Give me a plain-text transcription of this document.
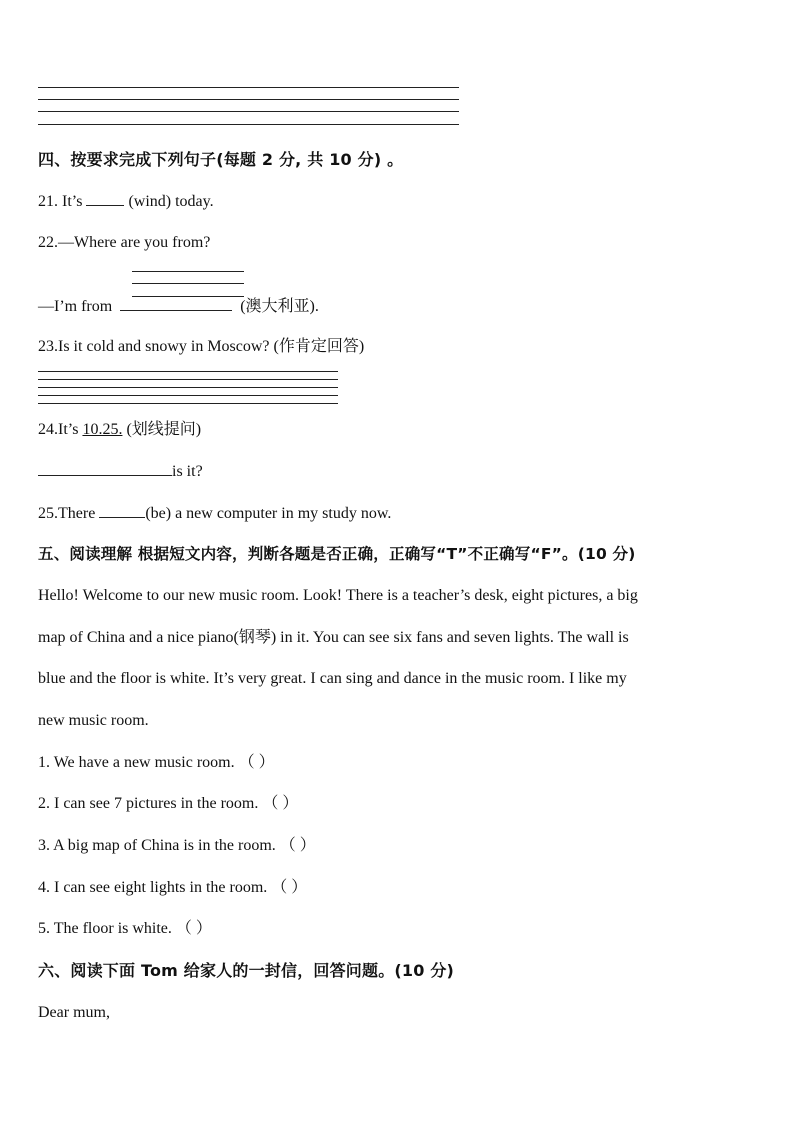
四、按要求完成下列句子(每题 2 分, 共 10 分) 。
21. It’s	(wind) today.
22.—Where are you from?
—I’m from	(澳大利亚).
23.Is it cold and snowy in Moscow? (作肯定回答)
24.It’s 10.25. (划线提问)
is it?
25.There	(be) a new computer in my study now.
五、阅读理解 根据短文内容，判断各题是否正确，正确写“T”不正确写“F”。(10 分)
Hello! Welcome to our new music room. Look! There is a teacher’s desk, eight pictures, a big
map of China and a nice piano(钢琴) in it. You can see six fans and seven lights. The wall is
blue and the floor is white. It’s very great. I can sing and dance in the music room. I like my
new music room.
1. We have a new music room. （ ）
2. I can see 7 pictures in the room. （ ）
3. A big map of China is in the room. （ ）
4. I can see eight lights in the room. （ ）
5. The floor is white. （ ）
六、阅读下面 Tom 给家人的一封信，回答问题。(10 分)
Dear mum,
